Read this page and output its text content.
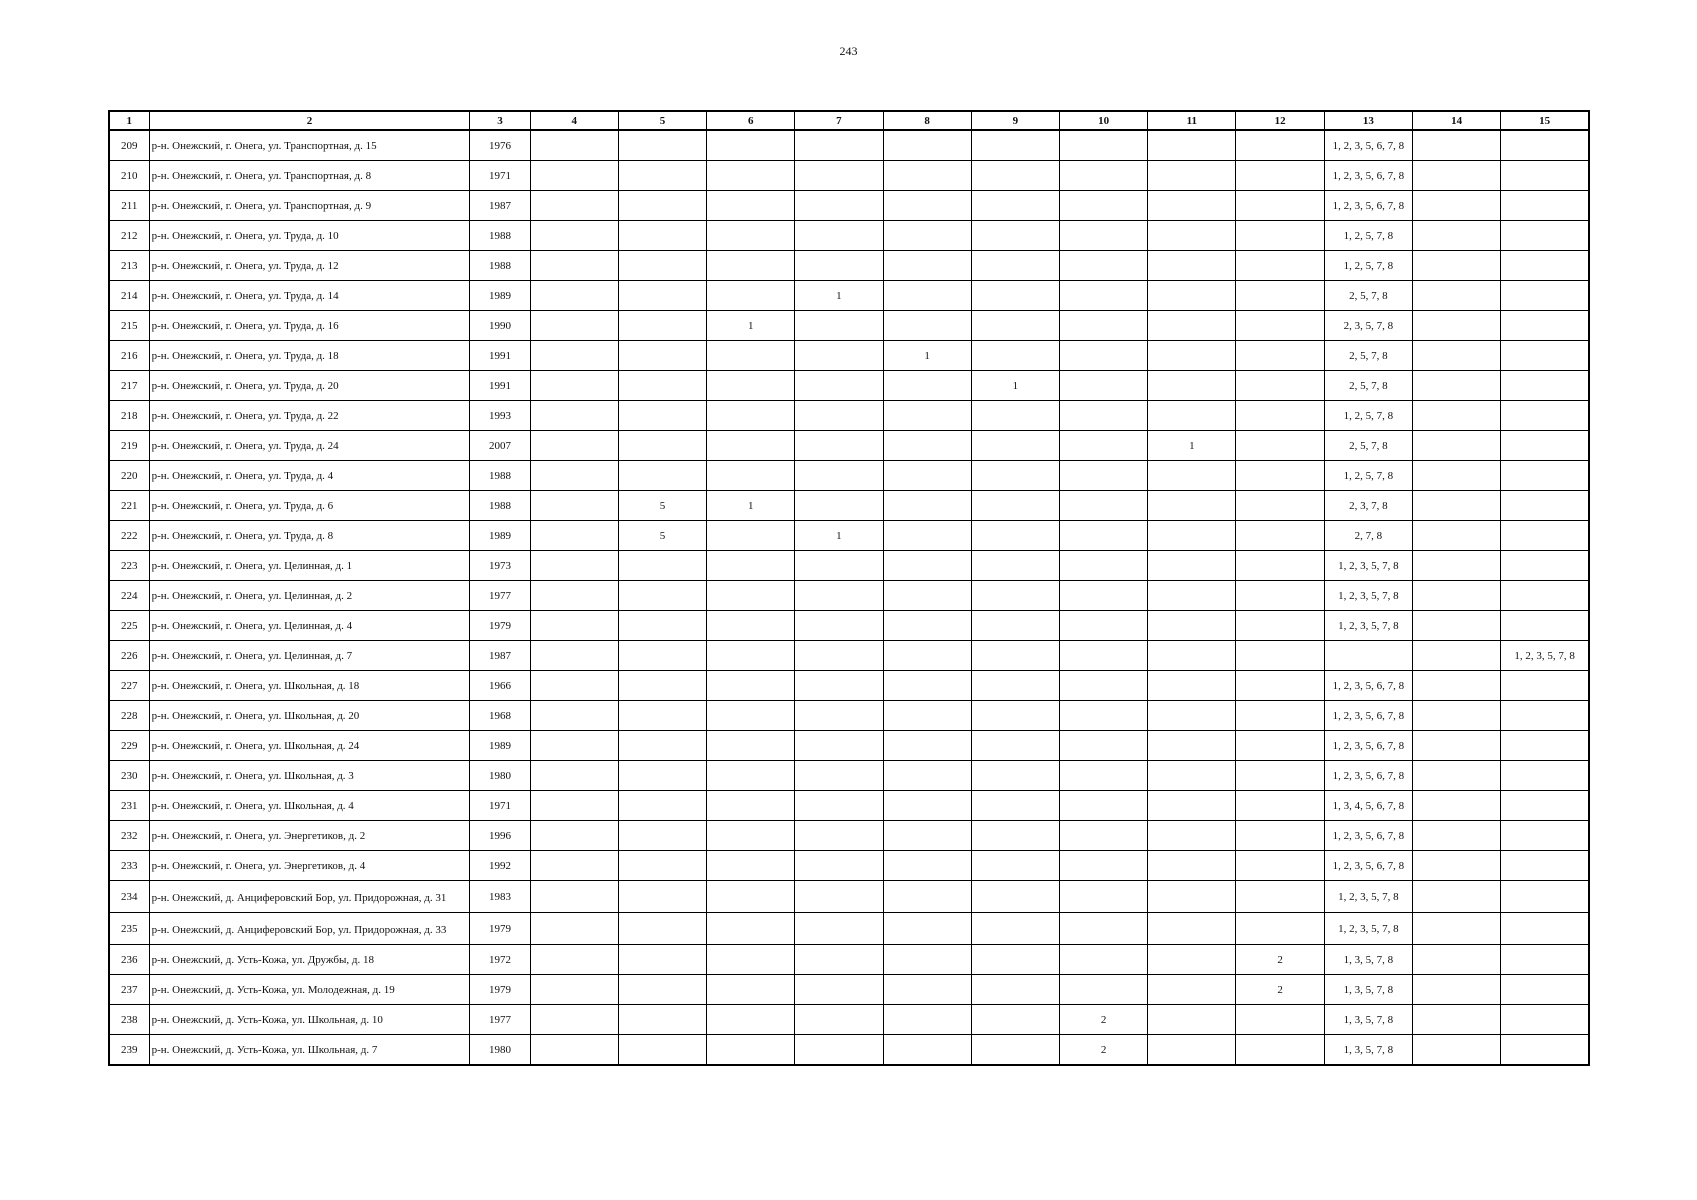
243
1	2	3	4	5	6	7	8	9	10	11	12	13	14	15
209	р-н. Онежский, г. Онега, ул. Транспортная, д. 15	1976										1, 2, 3, 5, 6, 7, 8		
210	р-н. Онежский, г. Онега, ул. Транспортная, д. 8	1971										1, 2, 3, 5, 6, 7, 8		
211	р-н. Онежский, г. Онега, ул. Транспортная, д. 9	1987										1, 2, 3, 5, 6, 7, 8		
212	р-н. Онежский, г. Онега, ул. Труда, д. 10	1988										1, 2, 5, 7, 8		
213	р-н. Онежский, г. Онега, ул. Труда, д. 12	1988										1, 2, 5, 7, 8		
214	р-н. Онежский, г. Онега, ул. Труда, д. 14	1989				1						2, 5, 7, 8		
215	р-н. Онежский, г. Онега, ул. Труда, д. 16	1990			1							2, 3, 5, 7, 8		
216	р-н. Онежский, г. Онега, ул. Труда, д. 18	1991					1					2, 5, 7, 8		
217	р-н. Онежский, г. Онега, ул. Труда, д. 20	1991						1				2, 5, 7, 8		
218	р-н. Онежский, г. Онега, ул. Труда, д. 22	1993										1, 2, 5, 7, 8		
219	р-н. Онежский, г. Онега, ул. Труда, д. 24	2007								1		2, 5, 7, 8		
220	р-н. Онежский, г. Онега, ул. Труда, д. 4	1988										1, 2, 5, 7, 8		
221	р-н. Онежский, г. Онега, ул. Труда, д. 6	1988		5	1							2, 3, 7, 8		
222	р-н. Онежский, г. Онега, ул. Труда, д. 8	1989		5		1						2, 7, 8		
223	р-н. Онежский, г. Онега, ул. Целинная, д. 1	1973										1, 2, 3, 5, 7, 8		
224	р-н. Онежский, г. Онега, ул. Целинная, д. 2	1977										1, 2, 3, 5, 7, 8		
225	р-н. Онежский, г. Онега, ул. Целинная, д. 4	1979										1, 2, 3, 5, 7, 8		
226	р-н. Онежский, г. Онега, ул. Целинная, д. 7	1987												1, 2, 3, 5, 7, 8
227	р-н. Онежский, г. Онега, ул. Школьная, д. 18	1966										1, 2, 3, 5, 6, 7, 8		
228	р-н. Онежский, г. Онега, ул. Школьная, д. 20	1968										1, 2, 3, 5, 6, 7, 8		
229	р-н. Онежский, г. Онега, ул. Школьная, д. 24	1989										1, 2, 3, 5, 6, 7, 8		
230	р-н. Онежский, г. Онега, ул. Школьная, д. 3	1980										1, 2, 3, 5, 6, 7, 8		
231	р-н. Онежский, г. Онега, ул. Школьная, д. 4	1971										1, 3, 4, 5, 6, 7, 8		
232	р-н. Онежский, г. Онега, ул. Энергетиков, д. 2	1996										1, 2, 3, 5, 6, 7, 8		
233	р-н. Онежский, г. Онега, ул. Энергетиков, д. 4	1992										1, 2, 3, 5, 6, 7, 8		
234	р-н. Онежский, д. Анциферовский Бор, ул. Придорожная, д. 31	1983										1, 2, 3, 5, 7, 8		
235	р-н. Онежский, д. Анциферовский Бор, ул. Придорожная, д. 33	1979										1, 2, 3, 5, 7, 8		
236	р-н. Онежский, д. Усть-Кожа, ул. Дружбы, д. 18	1972									2	1, 3, 5, 7, 8		
237	р-н. Онежский, д. Усть-Кожа, ул. Молодежная, д. 19	1979									2	1, 3, 5, 7, 8		
238	р-н. Онежский, д. Усть-Кожа, ул. Школьная, д. 10	1977							2			1, 3, 5, 7, 8		
239	р-н. Онежский, д. Усть-Кожа, ул. Школьная, д. 7	1980							2			1, 3, 5, 7, 8		
